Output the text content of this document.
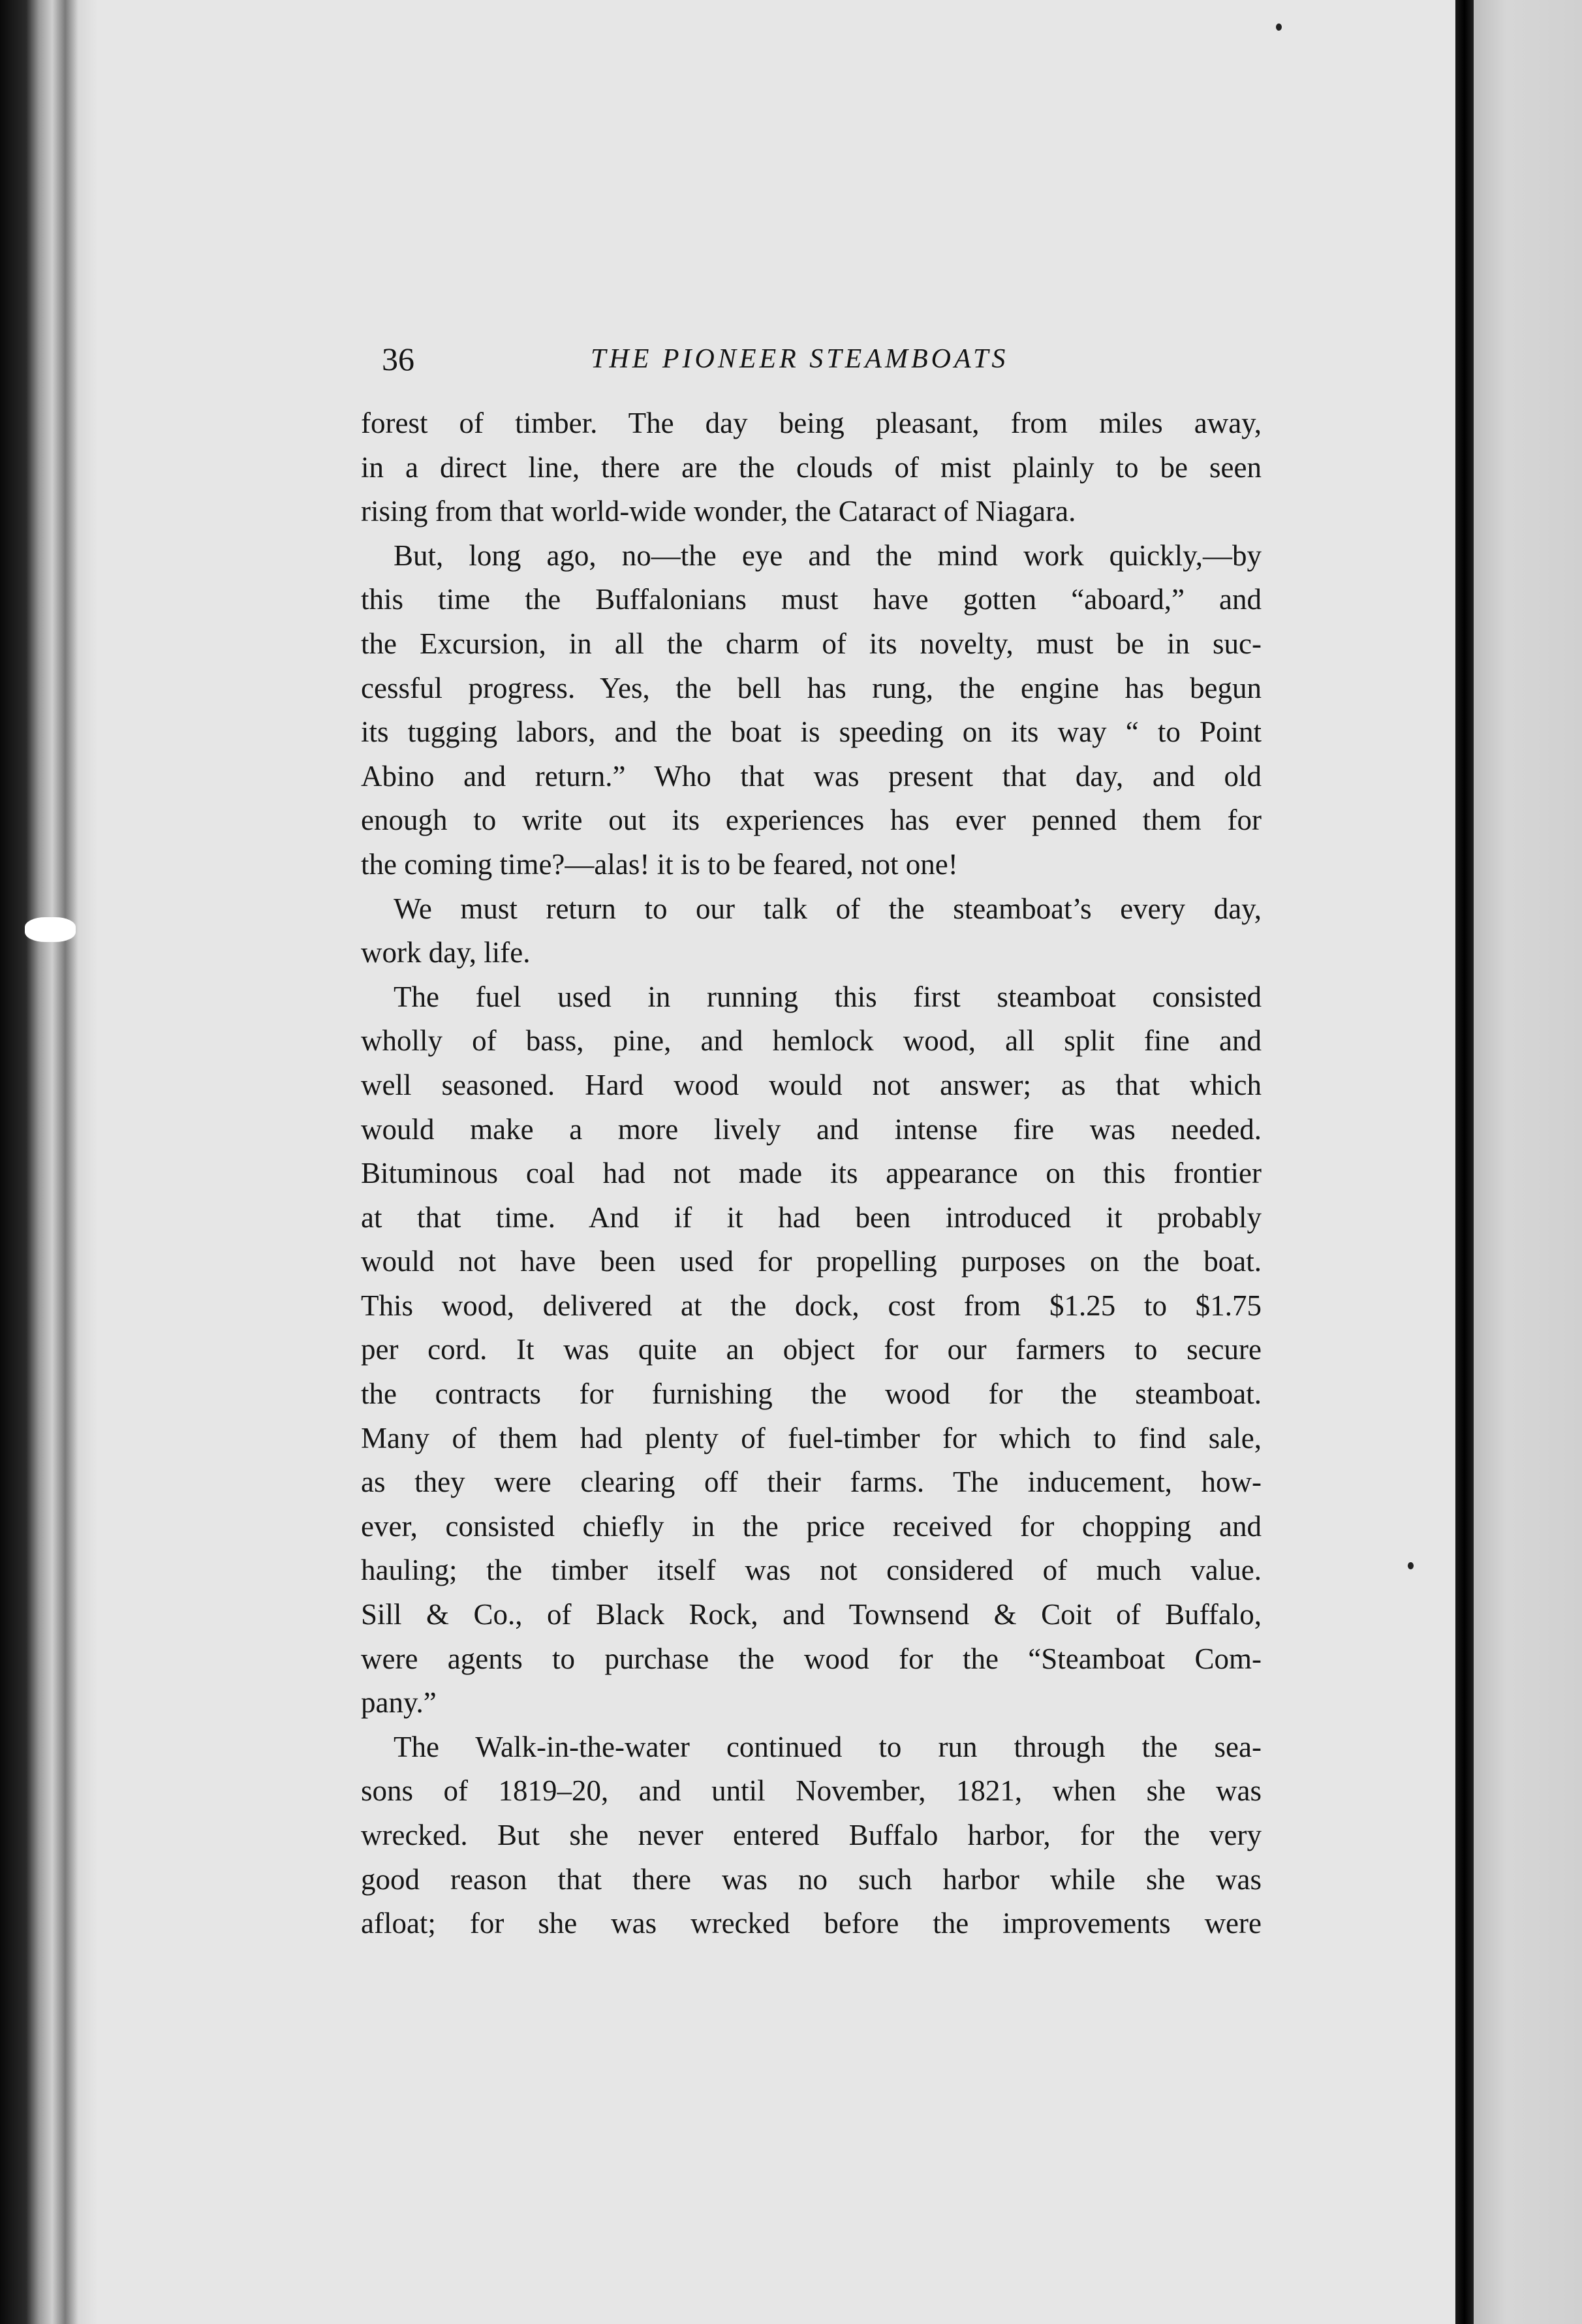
36	THE PIONEER STEAMBOATS
forest of timber. The day being pleasant, from miles away,
in a direct line, there are the clouds of mist plainly to be seen
rising from that world-wide wonder, the Cataract of Niagara.
But, long ago, no—the eye and the mind work quickly,—by
this time the Buffalonians must have gotten “aboard,” and
the Excursion, in all the charm of its novelty, must be in suc-
cessful progress. Yes, the bell has rung, the engine has begun
its tugging labors, and the boat is speeding on its way “ to Point
Abino and return.” Who that was present that day, and old
enough to write out its experiences has ever penned them for
the coming time?—alas! it is to be feared, not one!
We must return to our talk of the steamboat’s every day,
work day, life.
The fuel used in running this first steamboat consisted
wholly of bass, pine, and hemlock wood, all split fine and
well seasoned. Hard wood would not answer; as that which
would make a more lively and intense fire was needed.
Bituminous coal had not made its appearance on this frontier
at that time. And if it had been introduced it probably
would not have been used for propelling purposes on the boat.
This wood, delivered at the dock, cost from $1.25 to $1.75
per cord. It was quite an object for our farmers to secure
the contracts for furnishing the wood for the steamboat.
Many of them had plenty of fuel-timber for which to find sale,
as they were clearing off their farms. The inducement, how-
ever, consisted chiefly in the price received for chopping and
hauling; the timber itself was not considered of much value.
Sill & Co., of Black Rock, and Townsend & Coit of Buffalo,
were agents to purchase the wood for the “Steamboat Com-
pany.”
The Walk-in-the-water continued to run through the sea-
sons of 1819–20, and until November, 1821, when she was
wrecked. But she never entered Buffalo harbor, for the very
good reason that there was no such harbor while she was
afloat; for she was wrecked before the improvements were
